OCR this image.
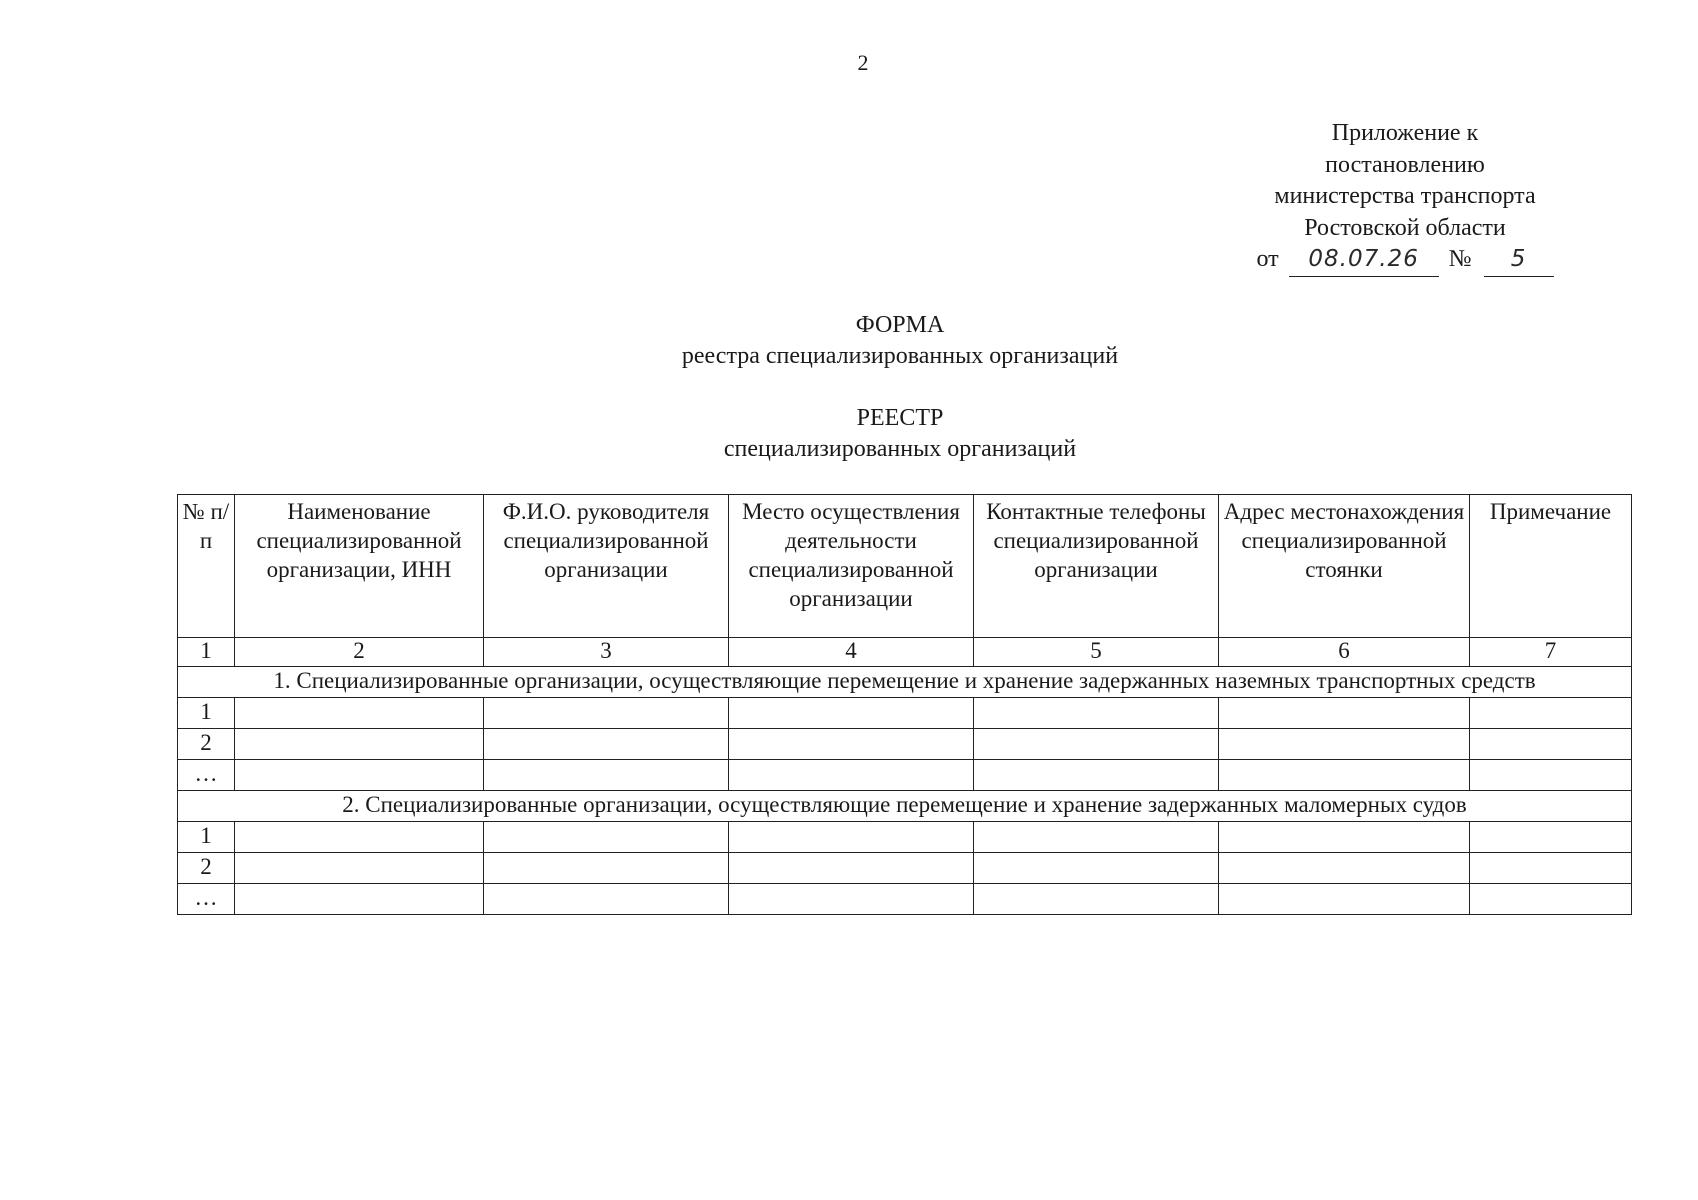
2
Приложение к
постановлению
министерства транспорта
Ростовской области
от 08.07.26 № 5
ФОРМА
реестра специализированных организаций
РЕЕСТР
специализированных организаций
№ п/п	Наименование специализированной организации, ИНН	Ф.И.О. руководителя специализированной организации	Место осуществления деятельности специализированной организации	Контактные телефоны специализированной организации	Адрес местонахождения специализированной стоянки	Примечание
1	2	3	4	5	6	7
1. Специализированные организации, осуществляющие перемещение и хранение задержанных наземных транспортных средств						
1						
2						
…						
2. Специализированные организации, осуществляющие перемещение и хранение задержанных маломерных судов						
1						
2						
…						
